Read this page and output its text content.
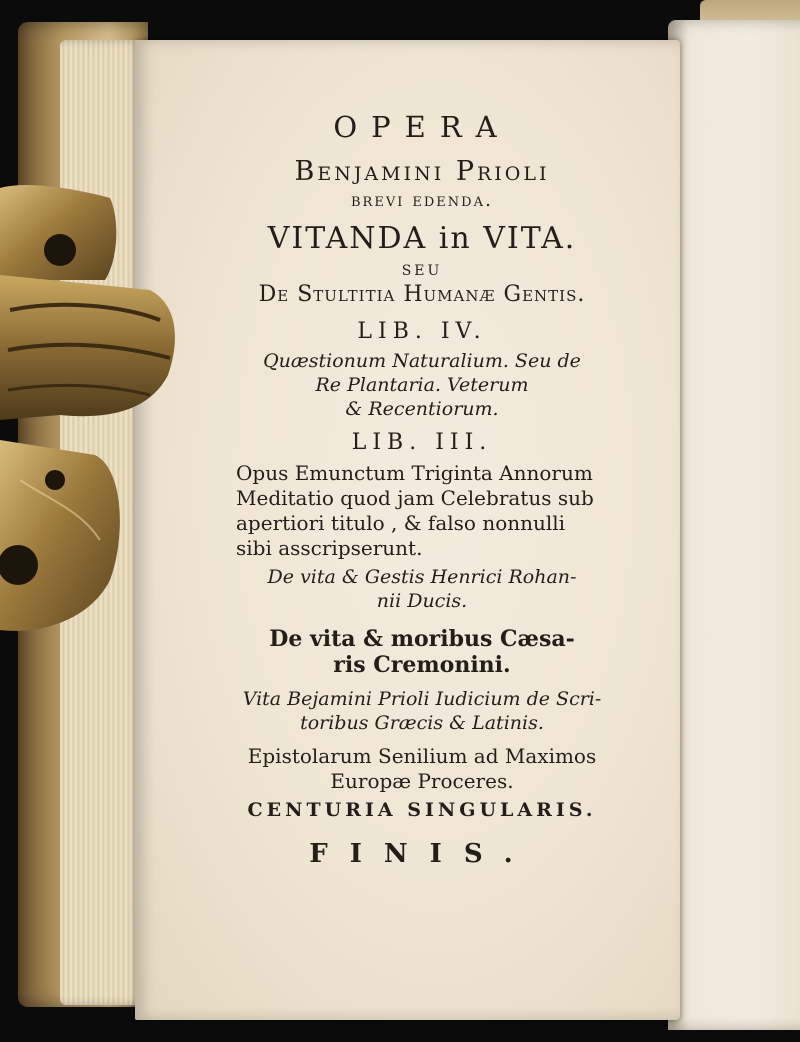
OPERA
Benjamini Prioli
brevi edenda.
VITANDA in VITA.
seu
De Stultitia Humanæ Gentis.
LIB. IV.
Quæstionum Naturalium. Seu de
Re Plantaria. Veterum
& Recentiorum.
LIB. III.
Opus Emunctum Triginta Annorum
Meditatio quod jam Celebratus sub
apertiori titulo , & falso nonnulli
sibi asscripserunt.
De vita & Gestis Henrici Rohan-
nii Ducis.
De vita & moribus Cæsa-
ris Cremonini.
Vita Bejamini Prioli Iudicium de Scri-
toribus Græcis & Latinis.
Epistolarum Senilium ad Maximos
Europæ Proceres.
CENTURIA SINGULARIS.
FINIS.
